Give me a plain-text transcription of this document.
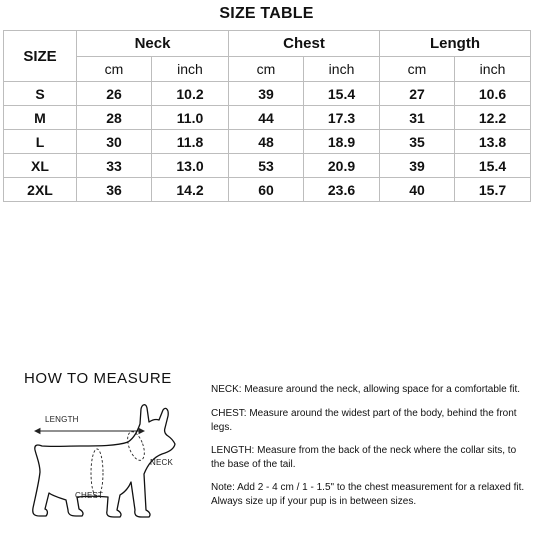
SIZE TABLE
SIZE	Neck		Chest		Length	
	cm	inch	cm	inch	cm	inch
S	26	10.2	39	15.4	27	10.6
M	28	11.0	44	17.3	31	12.2
L	30	11.8	48	18.9	35	13.8
XL	33	13.0	53	20.9	39	15.4
2XL	36	14.2	60	23.6	40	15.7
HOW TO MEASURE
LENGTH
NECK
CHEST

NECK: Measure around the neck, allowing space for a comfortable fit.

CHEST: Measure around the widest part of the body, behind the front legs.

LENGTH: Measure from the back of the neck where the collar sits, to the base of the tail.

Note: Add 2 - 4 cm / 1 - 1.5" to the chest measurement for a relaxed fit. Always size up if your pup is in between sizes.
